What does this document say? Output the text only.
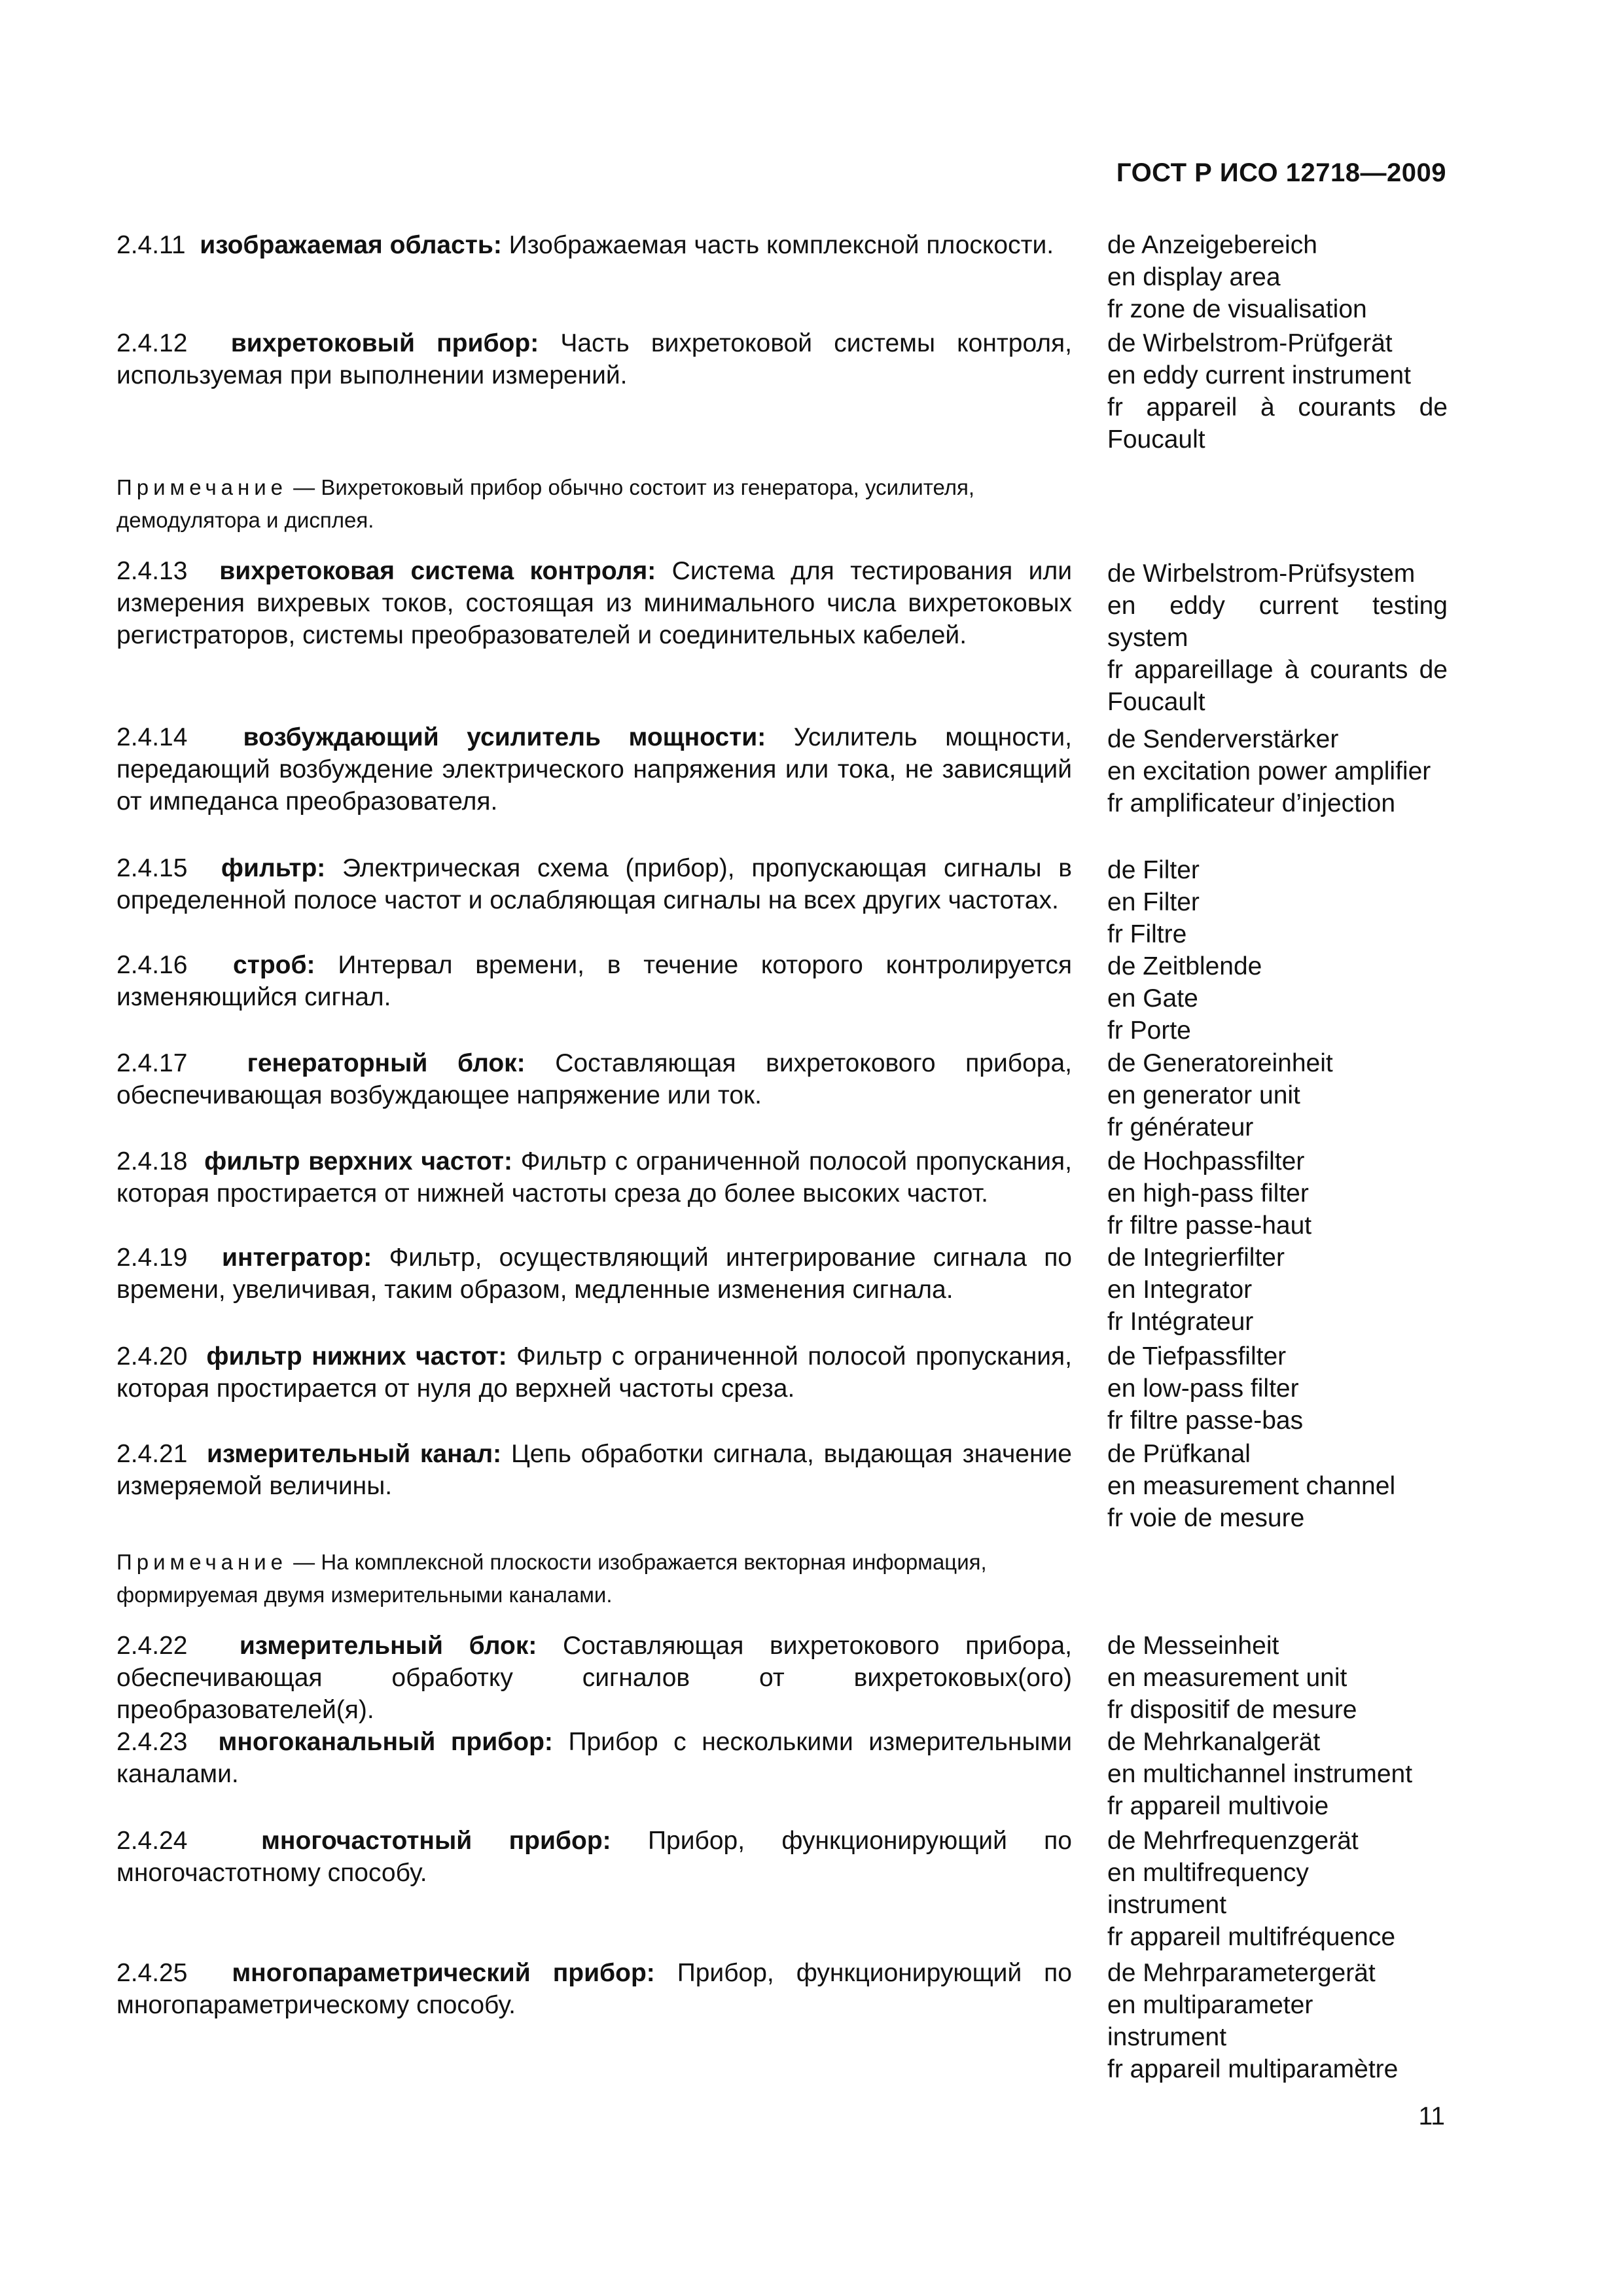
ГОСТ Р ИСО 12718—2009
2.4.11 изображаемая область: Изображаемая часть комплексной плоскости.	de Anzeigebereich
en display area
fr zone de visualisation
2.4.12 вихретоковый прибор: Часть вихретоковой системы контроля, используемая при выполнении измерений.
de Wirbelstrom-Prüfgerät
en eddy current instrument
fr appareil à courants de Foucault
Примечание — Вихретоковый прибор обычно состоит из генератора, усилителя, демодулятора и дисплея.
2.4.13 вихретоковая система контроля: Система для тестирования или измерения вихревых токов, состоящая из минимального числа вихретоковых регистраторов, системы преобразователей и соединительных кабелей.
de Wirbelstrom-Prüfsystem
en eddy current testing system
fr appareillage à courants de Foucault
2.4.14 возбуждающий усилитель мощности: Усилитель мощности, передающий возбуждение электрического напряжения или тока, не зависящий от импеданса преобразователя.
de Senderverstärker
en excitation power amplifier
fr amplificateur d’injection
2.4.15 фильтр: Электрическая схема (прибор), пропускающая сигналы в определенной полосе частот и ослабляющая сигналы на всех других частотах.
de Filter
en Filter
fr Filtre
2.4.16 строб: Интервал времени, в течение которого контролируется изменяющийся сигнал.
de Zeitblende
en Gate
fr Porte
2.4.17 генераторный блок: Составляющая вихретокового прибора, обеспечивающая возбуждающее напряжение или ток.
de Generatoreinheit
en generator unit
fr générateur
2.4.18 фильтр верхних частот: Фильтр с ограниченной полосой пропускания, которая простирается от нижней частоты среза до более высоких частот.
de Hochpassfilter
en high-pass filter
fr filtre passe-haut
2.4.19 интегратор: Фильтр, осуществляющий интегрирование сигнала по времени, увеличивая, таким образом, медленные изменения сигнала.
de Integrierfilter
en Integrator
fr Intégrateur
2.4.20 фильтр нижних частот: Фильтр с ограниченной полосой пропускания, которая простирается от нуля до верхней частоты среза.
de Tiefpassfilter
en low-pass filter
fr filtre passe-bas
2.4.21 измерительный канал: Цепь обработки сигнала, выдающая значение измеряемой величины.
de Prüfkanal
en measurement channel
fr voie de mesure
Примечание — На комплексной плоскости изображается векторная информация, формируемая двумя измерительными каналами.
2.4.22 измерительный блок: Составляющая вихретокового прибора, обеспечивающая обработку сигналов от вихретоковых(ого) преобразователей(я).
de Messeinheit
en measurement unit
fr dispositif de mesure
2.4.23 многоканальный прибор: Прибор с несколькими измерительными каналами.
de Mehrkanalgerät
en multichannel instrument
fr appareil multivoie
2.4.24	многочастотный прибор: Прибор, функционирующий по многочастотному способу.
de Mehrfrequenzgerät
en multifrequency instrument
fr appareil multifréquence
2.4.25 многопараметрический прибор: Прибор, функционирующий по многопараметрическому способу.
de Mehrparametergerät
en multiparameter instrument
fr appareil multiparamètre
11
